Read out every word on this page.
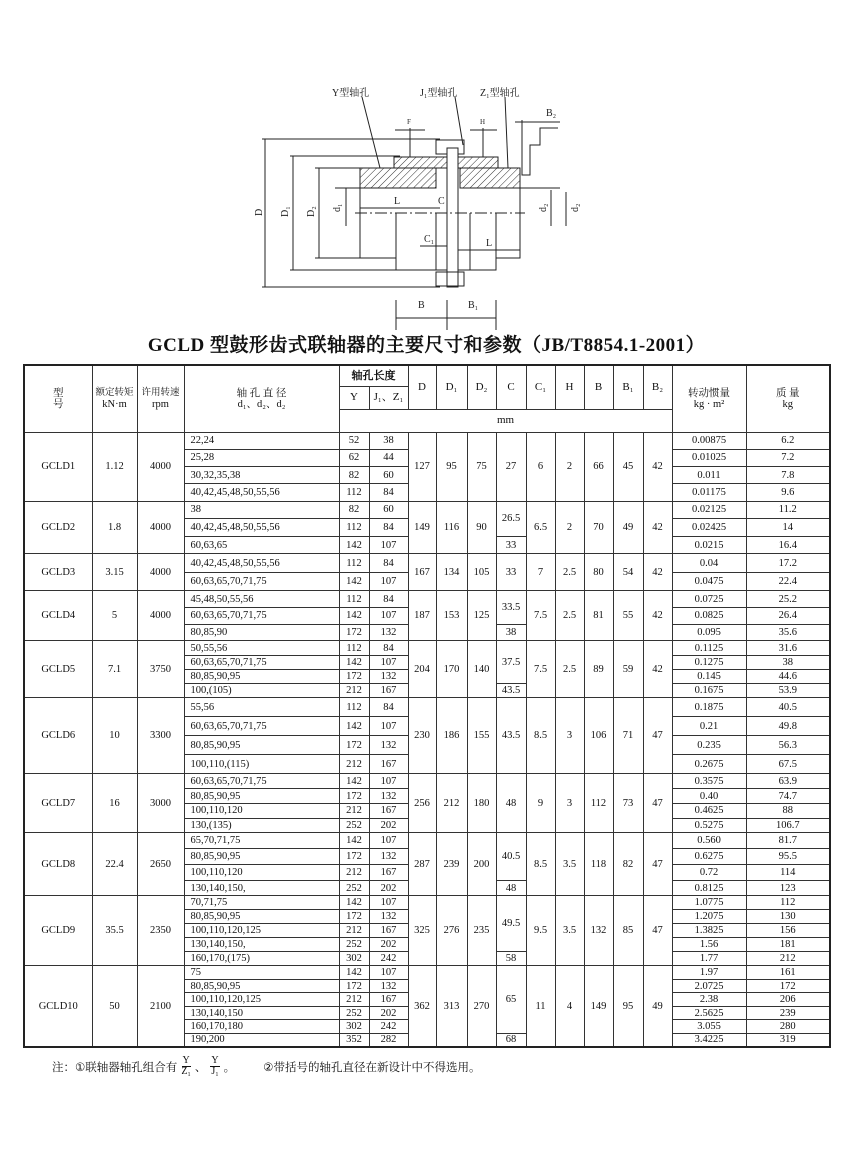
Y型轴孔	J₁型轴孔 Z₁型轴孔
B₂
D D₁ D₂ d₁	d₂ d₂
L	C
C₁	L
B	B₁
F	H
GCLD 型鼓形齿式联轴器的主要尺寸和参数（JB/T8854.1-2001）
型
号	额定转矩
kN·m	许用转速
rpm	轴 孔 直 径
d₁、d₂、d₂	轴孔长度		D	D₁	D₂	C	C₁	H	B	B₁	B₂	转动惯量
kg · m²	质 量
kg

				Y	J₁、Z₁											
				mm												
GCLD1	1.12	4000	22,24	52	38	127	95	75	27	6	2	66	45	42	0.00875	6.2
			25,28	62	44										0.01025	7.2
			30,32,35,38	82	60										0.011	7.8
			40,42,45,48,50,55,56	112	84										0.01175	9.6
GCLD2	1.8	4000	38	82	60	149	116	90	26.5	6.5	2	70	49	42	0.02125	11.2
			40,42,45,48,50,55,56	112	84										0.02425	14
			60,63,65	142	107				33						0.0215	16.4
GCLD3	3.15	4000	40,42,45,48,50,55,56	112	84	167	134	105	33	7	2.5	80	54	42	0.04	17.2
			60,63,65,70,71,75	142	107										0.0475	22.4
GCLD4	5	4000	45,48,50,55,56	112	84	187	153	125	33.5	7.5	2.5	81	55	42	0.0725	25.2
			60,63,65,70,71,75	142	107										0.0825	26.4
			80,85,90	172	132				38						0.095	35.6
GCLD5	7.1	3750	50,55,56	112	84	204	170	140	37.5	7.5	2.5	89	59	42	0.1125	31.6
			60,63,65,70,71,75	142	107										0.1275	38
			80,85,90,95	172	132										0.145	44.6
			100,(105)	212	167				43.5						0.1675	53.9
GCLD6	10	3300	55,56	112	84	230	186	155	43.5	8.5	3	106	71	47	0.1875	40.5
			60,63,65,70,71,75	142	107										0.21	49.8
			80,85,90,95	172	132										0.235	56.3
			100,110,(115)	212	167										0.2675	67.5
GCLD7	16	3000	60,63,65,70,71,75	142	107	256	212	180	48	9	3	112	73	47	0.3575	63.9
			80,85,90,95	172	132										0.40	74.7
			100,110,120	212	167										0.4625	88
			130,(135)	252	202										0.5275	106.7
GCLD8	22.4	2650	65,70,71,75	142	107	287	239	200	40.5	8.5	3.5	118	82	47	0.560	81.7
			80,85,90,95	172	132										0.6275	95.5
			100,110,120	212	167										0.72	114
			130,140,150,	252	202				48						0.8125	123
GCLD9	35.5	2350	70,71,75	142	107	325	276	235	49.5	9.5	3.5	132	85	47	1.0775	112
			80,85,90,95	172	132										1.2075	130
			100,110,120,125	212	167										1.3825	156
			130,140,150,	252	202										1.56	181
			160,170,(175)	302	242				58						1.77	212
GCLD10	50	2100	75	142	107	362	313	270	65	11	4	149	95	49	1.97	161
			80,85,90,95	172	132										2.0725	172
			100,110,120,125	212	167										2.38	206
			130,140,150	252	202										2.5625	239
			160,170,180	302	242										3.055	280
			190,200	352	282				68						3.4225	319
注：①联轴器轴孔组合有 $\frac{Y}{\text{Z₁}}$ 、 $\frac{Y}{\text{J₁}}$ 。 ②带括号的轴孔直径在新设计中不得选用。
